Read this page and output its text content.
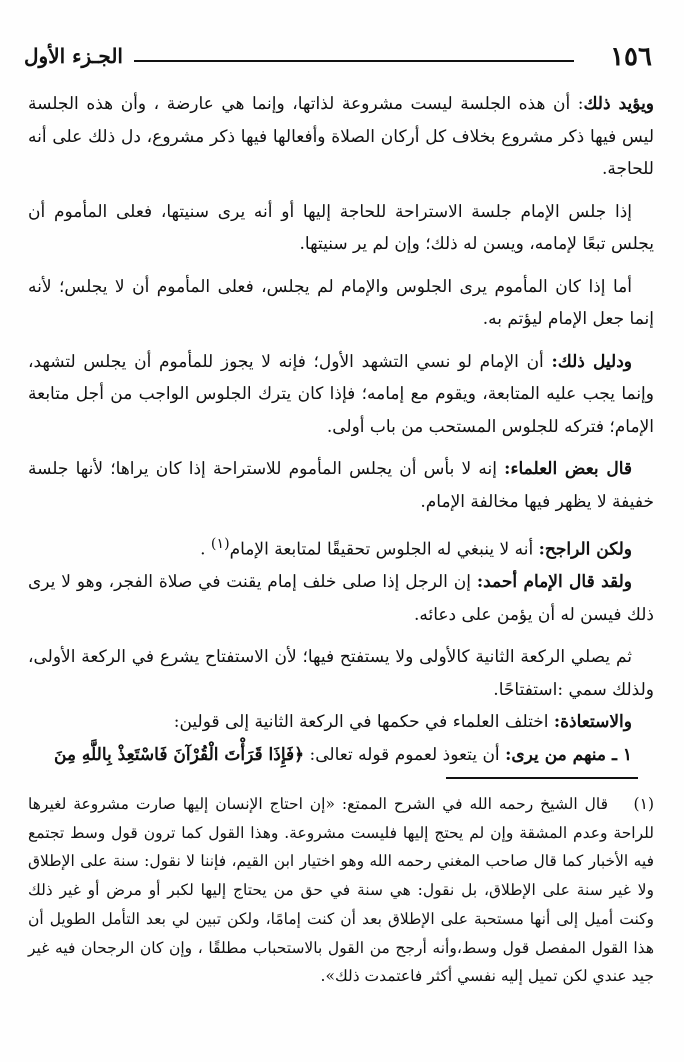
١٥٦
الجـزء الأول

ويؤيد ذلك: أن هذه الجلسة ليست مشروعة لذاتها، وإنما هي عارضة ، وأن هذه الجلسة ليس فيها ذكر مشروع بخلاف كل أركان الصلاة وأفعالها فيها ذكر مشروع، دل ذلك على أنه للحاجة.

إذا جلس الإمام جلسة الاستراحة للحاجة إليها أو أنه يرى سنيتها، فعلى المأموم أن يجلس تبعًا لإمامه، ويسن له ذلك؛ وإن لم ير سنيتها.

أما إذا كان المأموم يرى الجلوس والإمام لم يجلس، فعلى المأموم أن لا يجلس؛ لأنه إنما جعل الإمام ليؤتم به.

ودليل ذلك: أن الإمام لو نسي التشهد الأول؛ فإنه لا يجوز للمأموم أن يجلس لتشهد، وإنما يجب عليه المتابعة، ويقوم مع إمامه؛ فإذا كان يترك الجلوس الواجب من أجل متابعة الإمام؛ فتركه للجلوس المستحب من باب أولى.

قال بعض العلماء: إنه لا بأس أن يجلس المأموم للاستراحة إذا كان يراها؛ لأنها جلسة خفيفة لا يظهر فيها مخالفة الإمام.

ولكن الراجح: أنه لا ينبغي له الجلوس تحقيقًا لمتابعة الإمام$^{(١)}$ .

ولقد قال الإمام أحمد: إن الرجل إذا صلى خلف إمام يقنت في صلاة الفجر، وهو لا يرى ذلك فيسن له أن يؤمن على دعائه.

ثم يصلي الركعة الثانية كالأولى ولا يستفتح فيها؛ لأن الاستفتاح يشرع في الركعة الأولى، ولذلك سمي :استفتاحًا.

والاستعاذة: اختلف العلماء في حكمها في الركعة الثانية إلى قولين:

١ ـ منهم من يرى: أن يتعوذ لعموم قوله تعالى: ﴿فَإِذَا قَرَأْتَ الْقُرْآنَ فَاسْتَعِذْ بِاللَّهِ مِنَ

(١)قال الشيخ رحمه الله في الشرح الممتع: «إن احتاج الإنسان إليها صارت مشروعة لغيرها للراحة وعدم المشقة وإن لم يحتج إليها فليست مشروعة. وهذا القول كما ترون قول وسط تجتمع فيه الأخبار كما قال صاحب المغني رحمه الله وهو اختيار ابن القيم، فإننا لا نقول: سنة على الإطلاق ولا غير سنة على الإطلاق، بل نقول: هي سنة في حق من يحتاج إليها لكبر أو مرض أو غير ذلك وكنت أميل إلى أنها مستحبة على الإطلاق بعد أن كنت إمامًا، ولكن تبين لي بعد التأمل الطويل أن هذا القول المفصل قول وسط،وأنه أرجح من القول بالاستحباب مطلقًا ، وإن كان الرجحان فيه غير جيد عندي لكن تميل إليه نفسي أكثر فاعتمدت ذلك».
